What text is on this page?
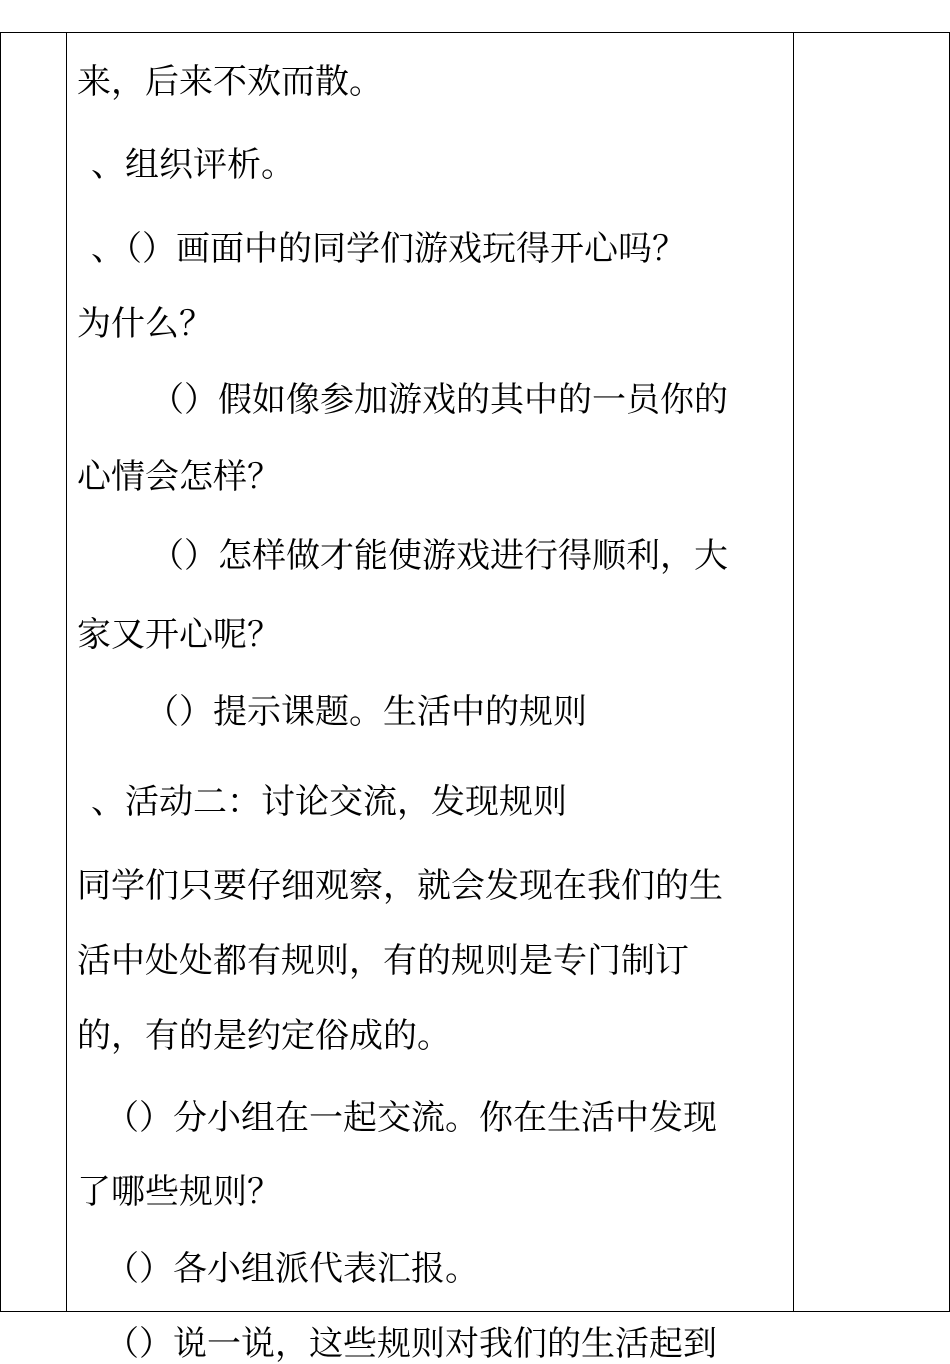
来，后来不欢而散。
、组织评析。
、（）画面中的同学们游戏玩得开心吗？
为什么？
（）假如像参加游戏的其中的一员你的
心情会怎样？
（）怎样做才能使游戏进行得顺利，大
家又开心呢？
（）提示课题。生活中的规则
、活动二：讨论交流，发现规则
同学们只要仔细观察，就会发现在我们的生
活中处处都有规则，有的规则是专门制订
的，有的是约定俗成的。
（）分小组在一起交流。你在生活中发现
了哪些规则？
（）各小组派代表汇报。
（）说一说，这些规则对我们的生活起到
